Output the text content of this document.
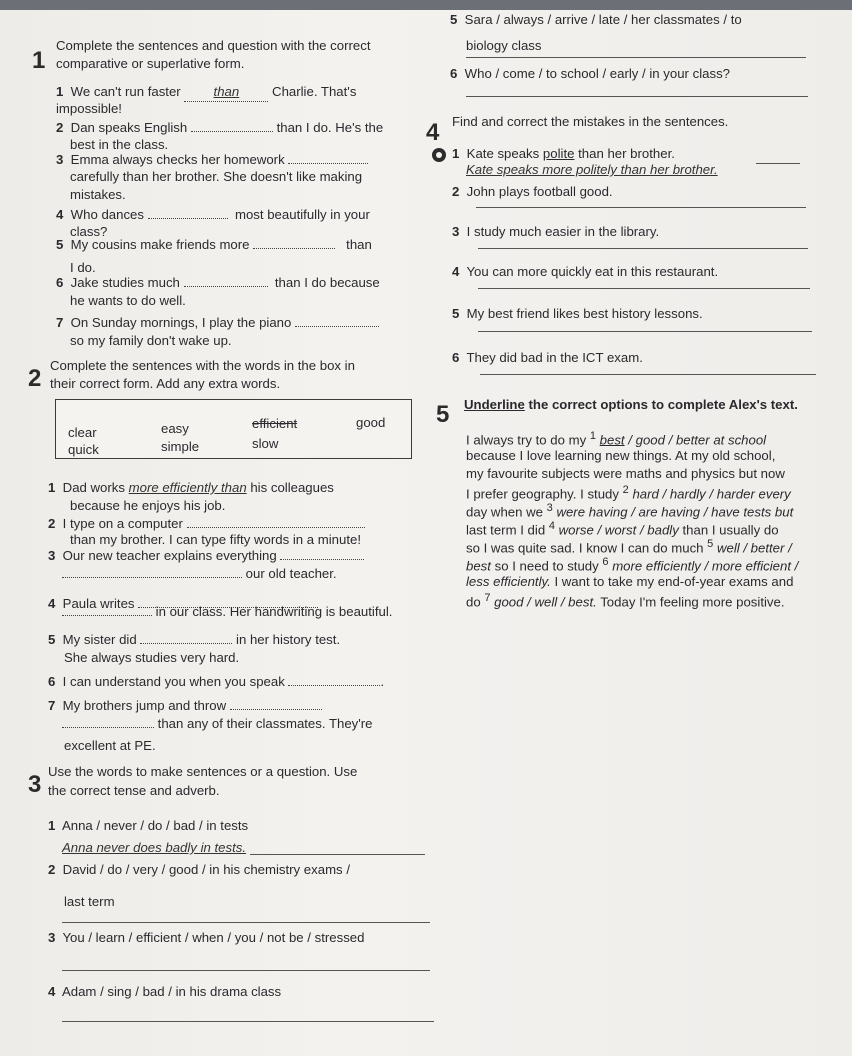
1
Complete the sentences and question with the correct
comparative or superlative form.
1 We can't run faster than Charlie. That's
impossible!
2 Dan speaks English	than I do. He's the
best in the class.
3 Emma always checks her homework
carefully than her brother. She doesn't like making
mistakes.
4 Who dances	most beautifully in your
class?
5 My cousins make friends more	than
I do.
6 Jake studies much	than I do because
he wants to do well.
7 On Sunday mornings, I play the piano
so my family don't wake up.
2 Complete the sentences with the words in the box in
their correct form. Add any extra words.
clear	easy	efficient	good
quick	simple	slow
1 Dad works more efficiently than his colleagues
because he enjoys his job.
2 I type on a computer
than my brother. I can type fifty words in a minute!
3 Our new teacher explains everything
our old teacher.
4 Paula writes
in our class. Her handwriting is beautiful.
5 My sister did	in her history test.
She always studies very hard.
6 I can understand you when you speak	.
7 My brothers jump and throw
than any of their classmates. They're
excellent at PE.
3 Use the words to make sentences or a question. Use
the correct tense and adverb.
1 Anna / never / do / bad / in tests
Anna never does badly in tests.
2 David / do / very / good / in his chemistry exams /
last term
3 You / learn / efficient / when / you / not be / stressed
4 Adam / sing / bad / in his drama class
5 Sara / always / arrive / late / her classmates / to
biology class
6 Who / come / to school / early / in your class?
4 Find and correct the mistakes in the sentences.
1 Kate speaks polite than her brother.
Kate speaks more politely than her brother.
2 John plays football good.
3 I study much easier in the library.
4 You can more quickly eat in this restaurant.
5 My best friend likes best history lessons.
6 They did bad in the ICT exam.
5 Underline the correct options to complete Alex's text.
I always try to do my $^1$ best / good / better at school
because I love learning new things. At my old school,
my favourite subjects were maths and physics but now
I prefer geography. I study $^2$ hard / hardly / harder every
day when we $^3$ were having / are having / have tests but
last term I did $^4$ worse / worst / badly than I usually do
so I was quite sad. I know I can do much $^5$ well / better /
best so I need to study $^6$ more efficiently / more efficient /
less efficiently. I want to take my end-of-year exams and
do $^7$ good / well / best. Today I'm feeling more positive.
